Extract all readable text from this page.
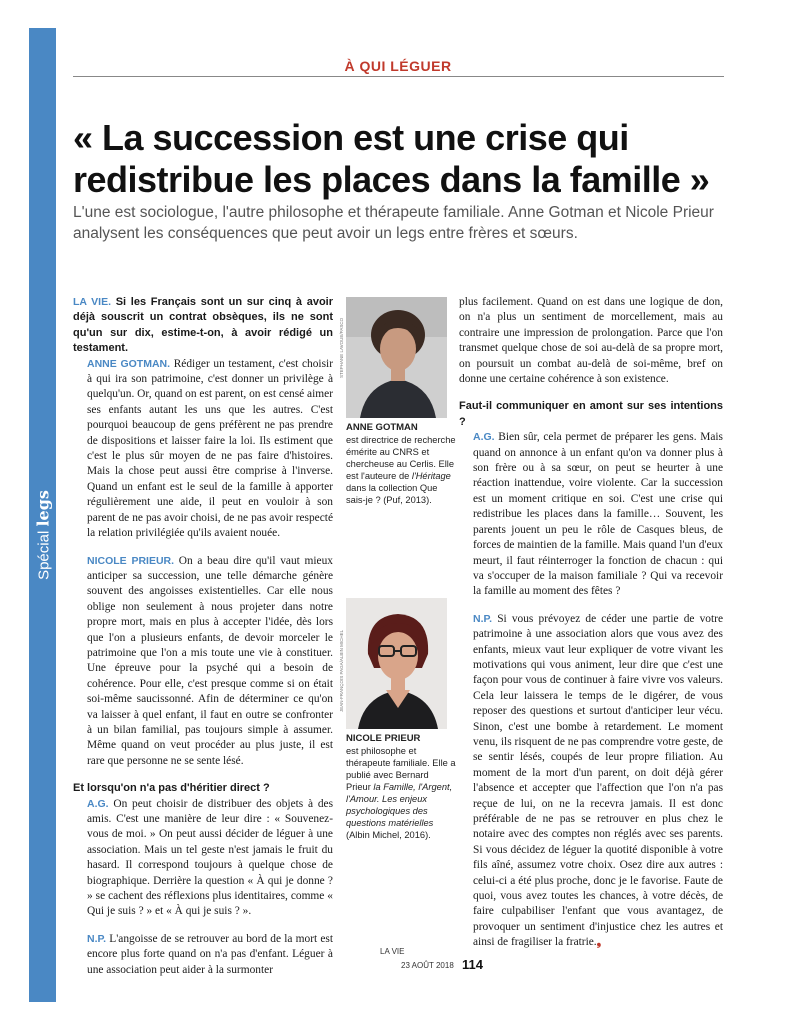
Spécial legs
À QUI LÉGUER
« La succession est une crise qui redistribue les places dans la famille »

L'une est sociologue, l'autre philosophe et thérapeute familiale. Anne Gotman et Nicole Prieur analysent les conséquences que peut avoir un legs entre frères et sœurs.

LA VIE. Si les Français sont un sur cinq à avoir déjà souscrit un contrat obsèques, ils ne sont qu'un sur dix, estime-t-on, à avoir rédigé un testament.

ANNE GOTMAN. Rédiger un testament, c'est choisir à qui ira son patrimoine, c'est donner un privilège à quelqu'un. Or, quand on est parent, on est censé aimer ses enfants autant les uns que les autres. C'est pourquoi beaucoup de gens préfèrent ne pas prendre de dispositions et laisser faire la loi. Ils estiment que c'est le plus sûr moyen de ne pas faire d'histoires. Mais la chose peut aussi être comprise à l'inverse. Quand un enfant est le seul de la famille à apporter régulièrement une aide, il peut en vouloir à son parent de ne pas avoir choisi, de ne pas avoir respecté la relation privilégiée qu'ils avaient nouée.

NICOLE PRIEUR. On a beau dire qu'il vaut mieux anticiper sa succession, une telle démarche génère souvent des angoisses existentielles. Car elle nous oblige non seulement à nous projeter dans notre propre mort, mais en plus à accepter l'idée, dès lors que l'on a plusieurs enfants, de devoir morceler le patrimoine que l'on a mis toute une vie à constituer. Une épreuve pour la psyché qui a besoin de cohérence. Pour elle, c'est presque comme si on était soi-même saucissonné. Afin de déterminer ce qu'on va laisser à quel enfant, il faut en outre se confronter à un bilan familial, pas toujours simple à assumer. Même quand on veut procéder au plus juste, il est rare que personne ne se sente lésé.

Et lorsqu'on n'a pas d'héritier direct ?

A.G. On peut choisir de distribuer des objets à des amis. C'est une manière de leur dire : « Souvenez-vous de moi. » On peut aussi décider de léguer à une association. Mais un tel geste n'est jamais le fruit du hasard. Il correspond toujours à quelque chose de biographique. Derrière la question « À qui je donne ? » se cachent des réflexions plus identitaires, comme « Qui je suis ? » et « À qui je suis ? ».

N.P. L'angoisse de se retrouver au bord de la mort est encore plus forte quand on n'a pas d'enfant. Léguer à une association peut aider à la surmonter

STEPHANE LAVOUE/PASCO
ANNE GOTMAN

est directrice de recherche émérite au CNRS et chercheuse au Cerlis. Elle est l'auteure de l'Héritage dans la collection Que sais-je ? (Puf, 2013).

JEAN-FRANÇOIS PAGA/ALBIN MICHEL
NICOLE PRIEUR

est philosophe et thérapeute familiale. Elle a publié avec Bernard Prieur la Famille, l'Argent, l'Amour. Les enjeux psychologiques des questions matérielles (Albin Michel, 2016).

plus facilement. Quand on est dans une logique de don, on n'a plus un sentiment de morcellement, mais au contraire une impression de prolongation. Parce que l'on transmet quelque chose de soi au-delà de sa propre mort, on poursuit un combat au-delà de soi-même, bref on donne une certaine cohérence à son existence.

Faut-il communiquer en amont sur ses intentions ?

A.G. Bien sûr, cela permet de préparer les gens. Mais quand on annonce à un enfant qu'on va donner plus à son frère ou à sa sœur, on peut se heurter à une réaction inattendue, voire violente. Car la succession est un moment critique en soi. C'est une crise qui redistribue les places dans la famille… Souvent, les parents jouent un peu le rôle de Casques bleus, de forces de maintien de la famille. Mais quand l'un d'eux meurt, il faut réinterroger la fonction de chacun : qui va s'occuper de la maison familiale ? Qui va recevoir la famille au moment des fêtes ?

N.P. Si vous prévoyez de céder une partie de votre patrimoine à une association alors que vous avez des enfants, mieux vaut leur expliquer de votre vivant les motivations qui vous animent, leur dire que c'est une façon pour vous de continuer à faire vivre vos valeurs. Cela leur laissera le temps de le digérer, de vous reposer des questions et surtout d'anticiper leur vécu. Sinon, c'est une bombe à retardement. Le moment venu, ils risquent de ne pas comprendre votre geste, de se sentir lésés, coupés de leur propre filiation. Au moment de la mort d'un parent, on doit déjà gérer l'absence et accepter que l'affection que l'on n'a pas reçue de lui, on ne la recevra jamais. Il est donc préférable de ne pas se retrouver en plus chez le notaire avec des comptes non réglés avec ses parents. Si vous décidez de léguer la quotité disponible à votre fils aîné, assumez votre choix. Osez dire aux autres : celui-ci a été plus proche, donc je le favorise. Faute de quoi, vous avez toutes les chances, à votre décès, de faire culpabiliser l'enfant que vous avantagez, de provoquer un sentiment d'injustice chez les autres et ainsi de fragiliser la fratrie.❟

LA VIE
23 AOÛT 2018 114
